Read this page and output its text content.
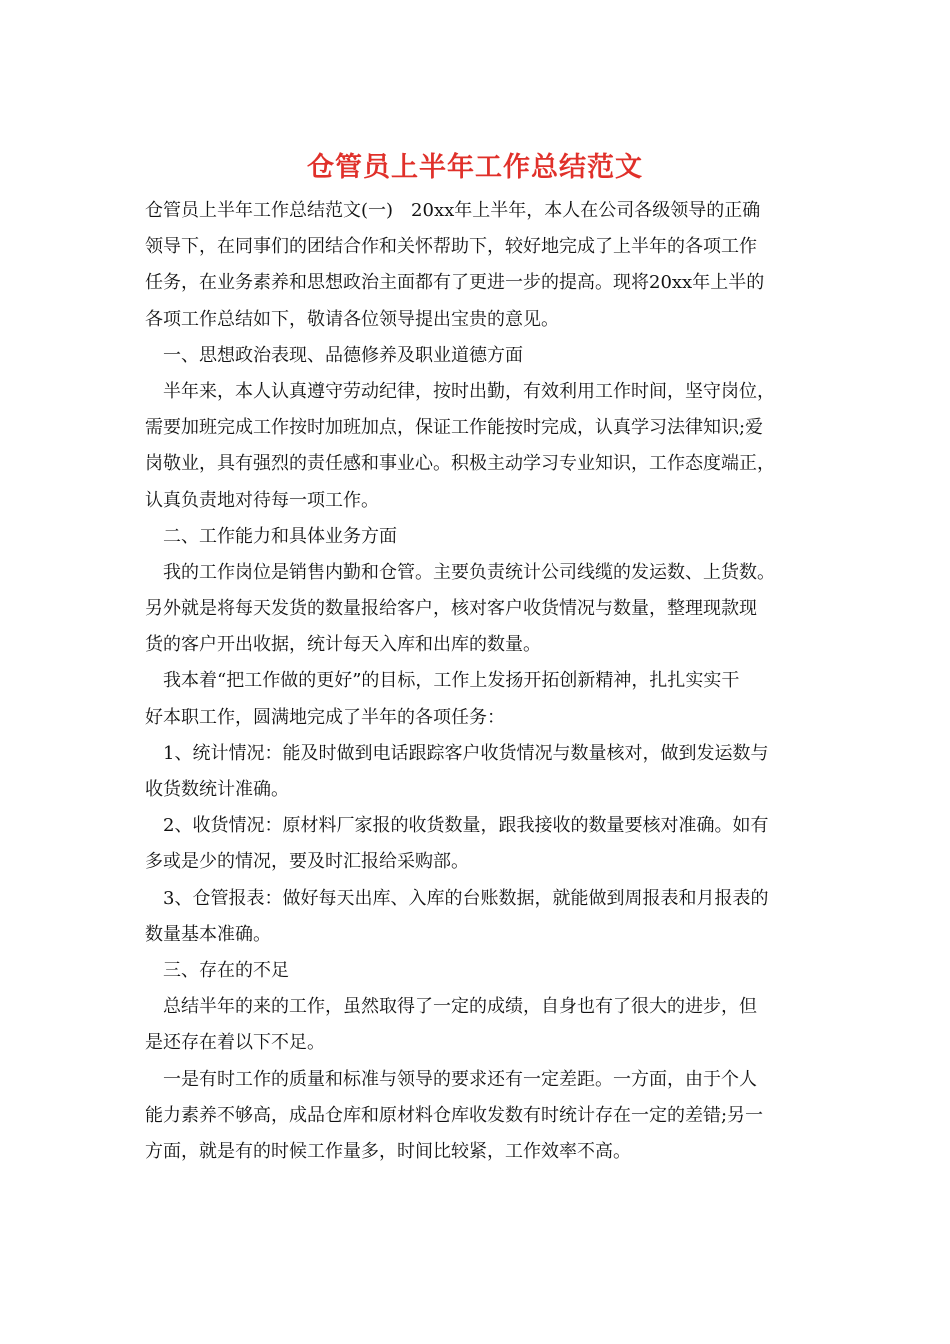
仓管员上半年工作总结范文
仓管员上半年工作总结范文(一)　20xx年上半年，本人在公司各级领导的正确
领导下，在同事们的团结合作和关怀帮助下，较好地完成了上半年的各项工作
任务，在业务素养和思想政治主面都有了更进一步的提高。现将20xx年上半的
各项工作总结如下，敬请各位领导提出宝贵的意见。
一、思想政治表现、品德修养及职业道德方面
半年来，本人认真遵守劳动纪律，按时出勤，有效利用工作时间，坚守岗位，
需要加班完成工作按时加班加点，保证工作能按时完成，认真学习法律知识;爱
岗敬业，具有强烈的责任感和事业心。积极主动学习专业知识，工作态度端正，
认真负责地对待每一项工作。
二、工作能力和具体业务方面
我的工作岗位是销售内勤和仓管。主要负责统计公司线缆的发运数、上货数。
另外就是将每天发货的数量报给客户，核对客户收货情况与数量，整理现款现
货的客户开出收据，统计每天入库和出库的数量。
我本着“把工作做的更好”的目标，工作上发扬开拓创新精神，扎扎实实干
好本职工作，圆满地完成了半年的各项任务：
1、统计情况：能及时做到电话跟踪客户收货情况与数量核对，做到发运数与
收货数统计准确。
2、收货情况：原材料厂家报的收货数量，跟我接收的数量要核对准确。如有
多或是少的情况，要及时汇报给采购部。
3、仓管报表：做好每天出库、入库的台账数据，就能做到周报表和月报表的
数量基本准确。
三、存在的不足
总结半年的来的工作，虽然取得了一定的成绩，自身也有了很大的进步，但
是还存在着以下不足。
一是有时工作的质量和标准与领导的要求还有一定差距。一方面，由于个人
能力素养不够高，成品仓库和原材料仓库收发数有时统计存在一定的差错;另一
方面，就是有的时候工作量多，时间比较紧，工作效率不高。
